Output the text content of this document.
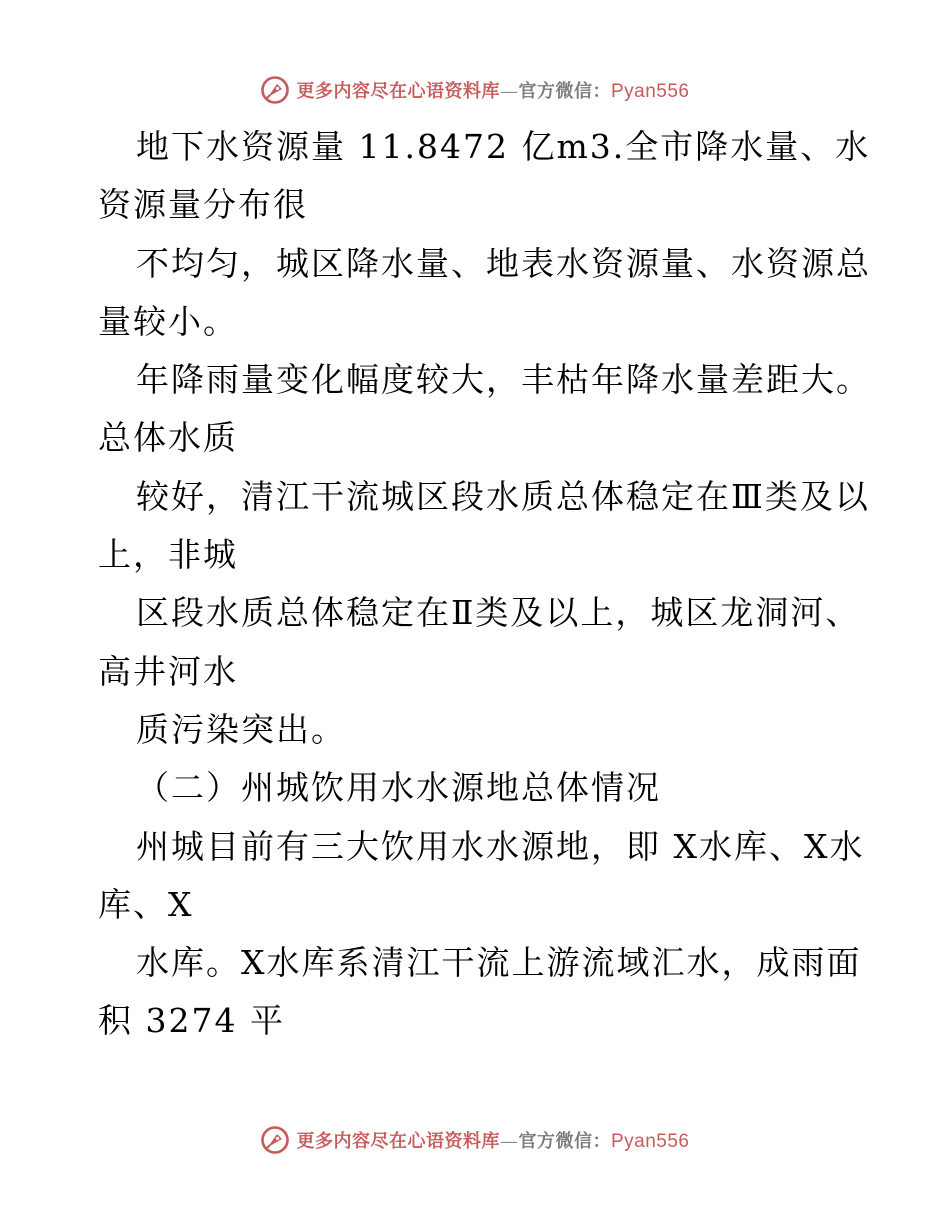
更多内容尽在心语资料库—官方微信：Pyan556
地下水资源量 11.8472 亿m3.全市降水量、水
资源量分布很
不均匀，城区降水量、地表水资源量、水资源总
量较小。
年降雨量变化幅度较大，丰枯年降水量差距大。
总体水质
较好，清江干流城区段水质总体稳定在Ⅲ类及以
上，非城
区段水质总体稳定在Ⅱ类及以上，城区龙洞河、
高井河水
质污染突出。
（二）州城饮用水水源地总体情况
州城目前有三大饮用水水源地，即 X水库、X水
库、X
水库。X水库系清江干流上游流域汇水，成雨面
积 3274 平
更多内容尽在心语资料库—官方微信：Pyan556
